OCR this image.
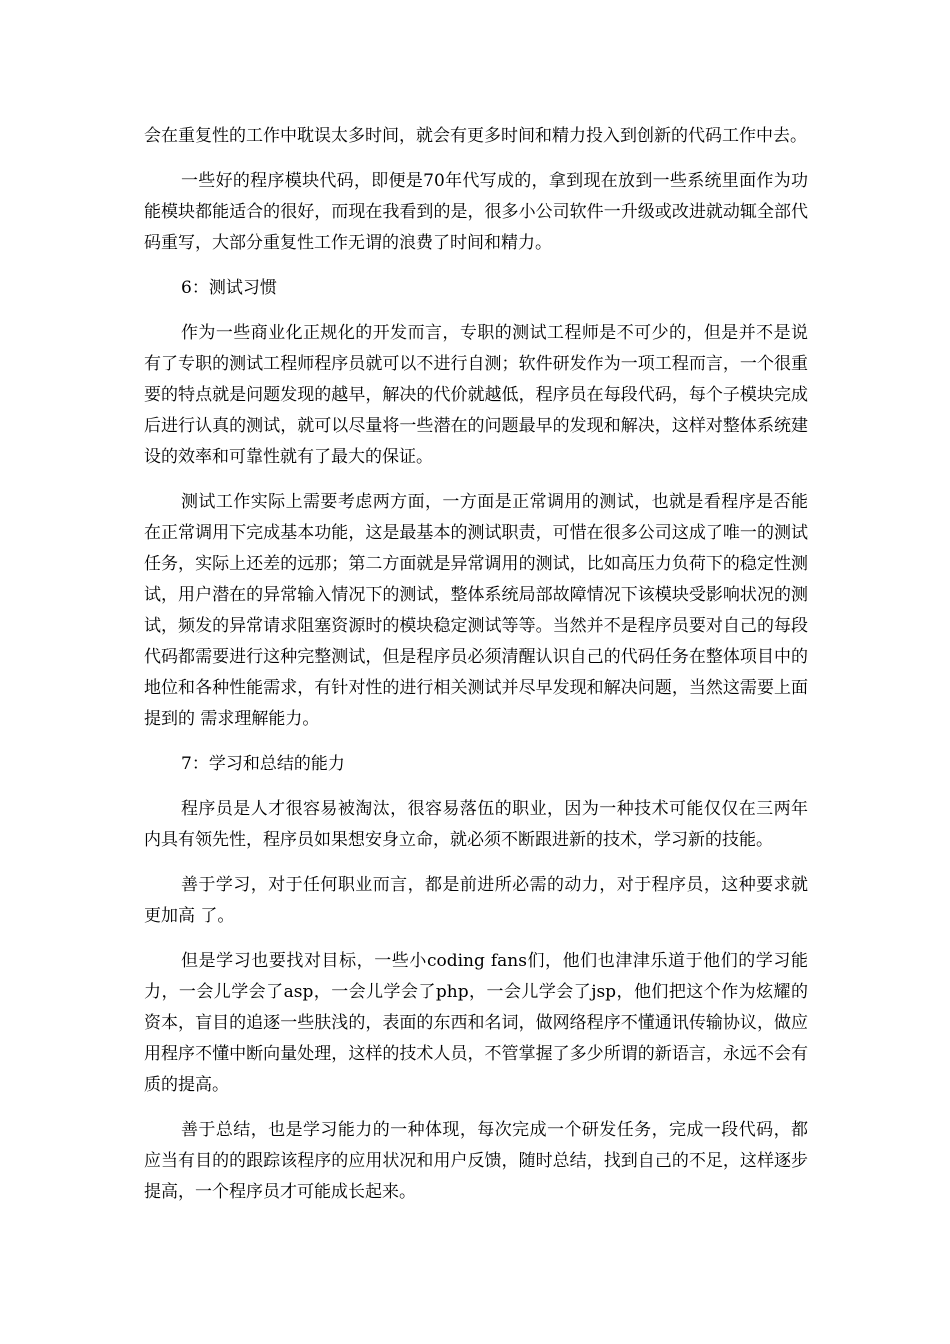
会在重复性的工作中耽误太多时间，就会有更多时间和精力投入到创新的代码工作中去。

一些好的程序模块代码，即便是70年代写成的，拿到现在放到一些系统里面作为功能模块都能适合的很好，而现在我看到的是，很多小公司软件一升级或改进就动辄全部代码重写，大部分重复性工作无谓的浪费了时间和精力。

6：测试习惯

作为一些商业化正规化的开发而言，专职的测试工程师是不可少的，但是并不是说有了专职的测试工程师程序员就可以不进行自测；软件研发作为一项工程而言，一个很重要的特点就是问题发现的越早，解决的代价就越低，程序员在每段代码，每个子模块完成后进行认真的测试，就可以尽量将一些潜在的问题最早的发现和解决，这样对整体系统建设的效率和可靠性就有了最大的保证。

测试工作实际上需要考虑两方面，一方面是正常调用的测试，也就是看程序是否能在正常调用下完成基本功能，这是最基本的测试职责，可惜在很多公司这成了唯一的测试任务，实际上还差的远那；第二方面就是异常调用的测试，比如高压力负荷下的稳定性测试，用户潜在的异常输入情况下的测试，整体系统局部故障情况下该模块受影响状况的测试，频发的异常请求阻塞资源时的模块稳定测试等等。当然并不是程序员要对自己的每段代码都需要进行这种完整测试，但是程序员必须清醒认识自己的代码任务在整体项目中的地位和各种性能需求，有针对性的进行相关测试并尽早发现和解决问题，当然这需要上面提到的 需求理解能力。

7：学习和总结的能力

程序员是人才很容易被淘汰，很容易落伍的职业，因为一种技术可能仅仅在三两年内具有领先性，程序员如果想安身立命，就必须不断跟进新的技术，学习新的技能。

善于学习，对于任何职业而言，都是前进所必需的动力，对于程序员，这种要求就更加高 了。

但是学习也要找对目标，一些小coding fans们，他们也津津乐道于他们的学习能力，一会儿学会了asp，一会儿学会了php，一会儿学会了jsp，他们把这个作为炫耀的资本，盲目的追逐一些肤浅的，表面的东西和名词，做网络程序不懂通讯传输协议，做应用程序不懂中断向量处理，这样的技术人员，不管掌握了多少所谓的新语言，永远不会有质的提高。

善于总结，也是学习能力的一种体现，每次完成一个研发任务，完成一段代码，都应当有目的的跟踪该程序的应用状况和用户反馈，随时总结，找到自己的不足，这样逐步提高，一个程序员才可能成长起来。
